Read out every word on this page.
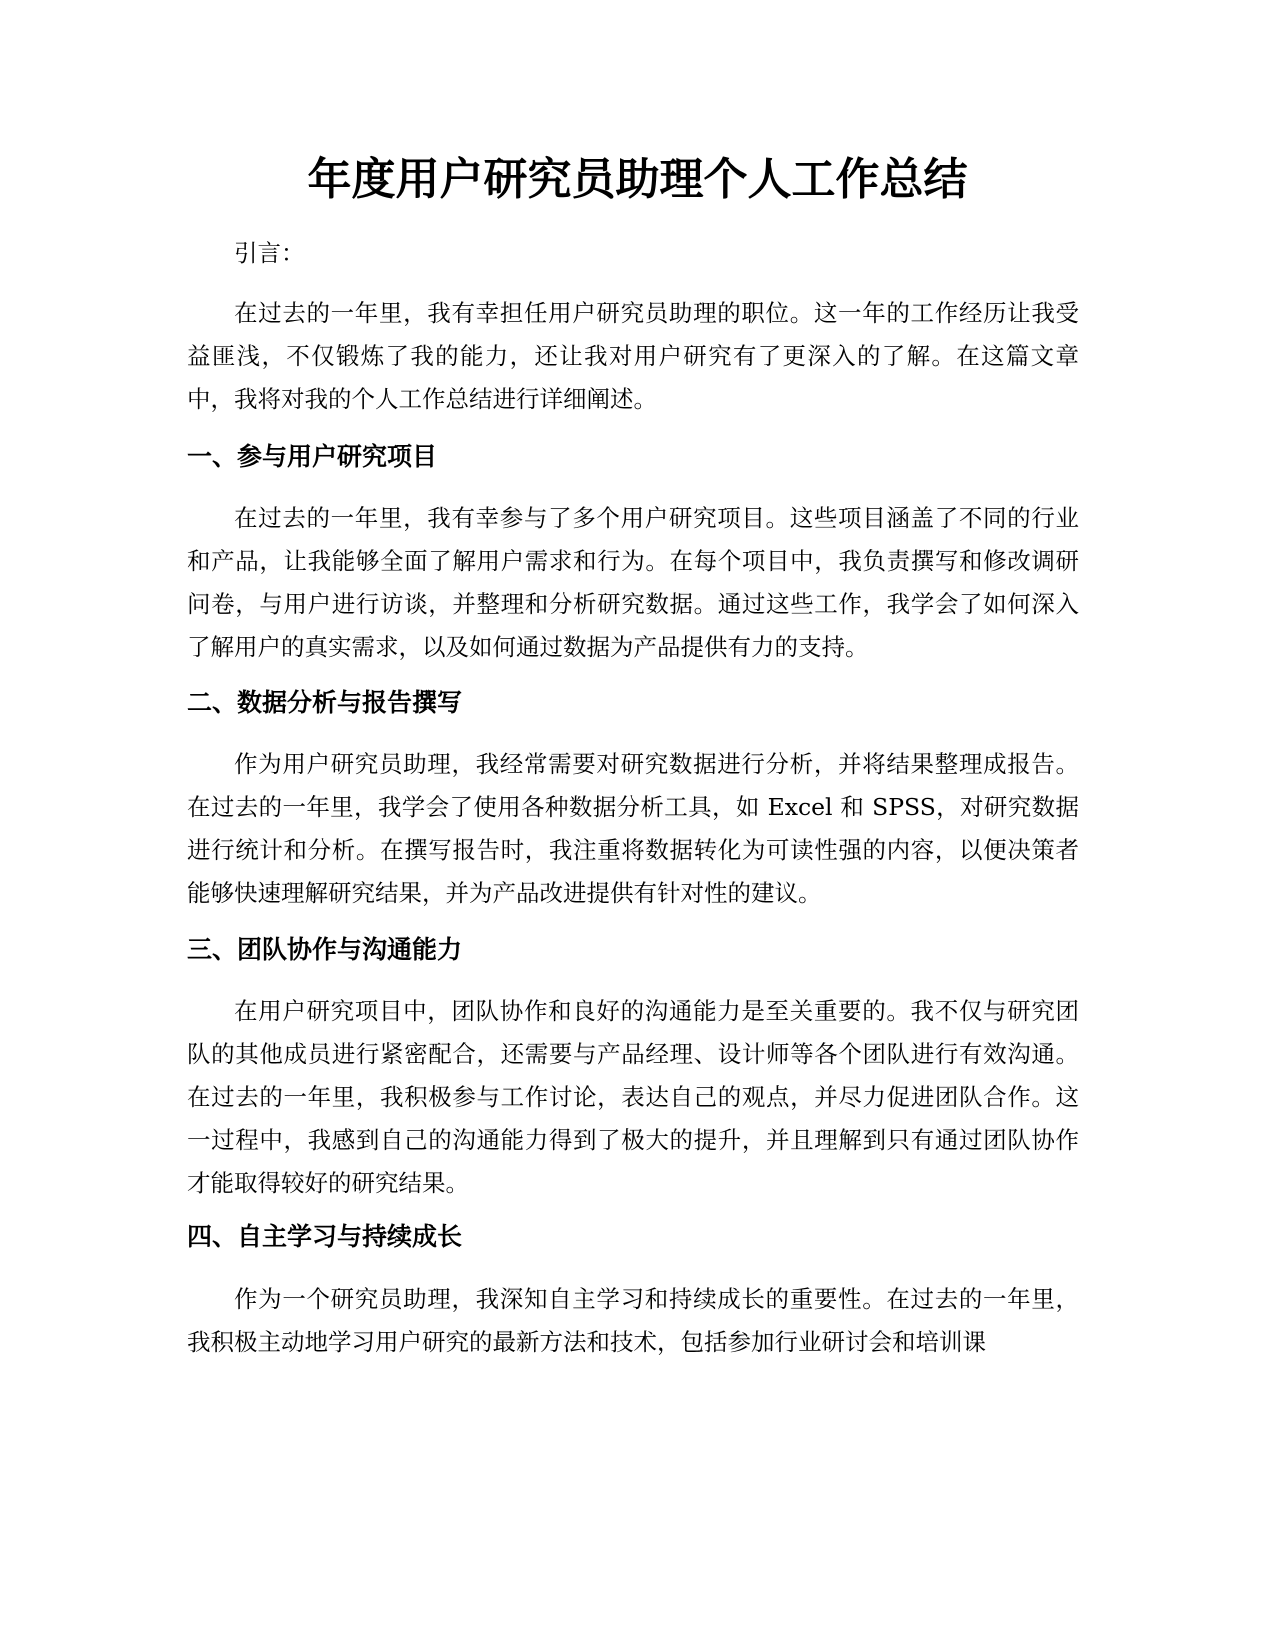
年度用户研究员助理个人工作总结

引言：

在过去的一年里，我有幸担任用户研究员助理的职位。这一年的工作经历让我受益匪浅，不仅锻炼了我的能力，还让我对用户研究有了更深入的了解。在这篇文章中，我将对我的个人工作总结进行详细阐述。

一、参与用户研究项目

在过去的一年里，我有幸参与了多个用户研究项目。这些项目涵盖了不同的行业和产品，让我能够全面了解用户需求和行为。在每个项目中，我负责撰写和修改调研问卷，与用户进行访谈，并整理和分析研究数据。通过这些工作，我学会了如何深入了解用户的真实需求，以及如何通过数据为产品提供有力的支持。

二、数据分析与报告撰写

作为用户研究员助理，我经常需要对研究数据进行分析，并将结果整理成报告。在过去的一年里，我学会了使用各种数据分析工具，如 Excel 和 SPSS，对研究数据进行统计和分析。在撰写报告时，我注重将数据转化为可读性强的内容，以便决策者能够快速理解研究结果，并为产品改进提供有针对性的建议。

三、团队协作与沟通能力

在用户研究项目中，团队协作和良好的沟通能力是至关重要的。我不仅与研究团队的其他成员进行紧密配合，还需要与产品经理、设计师等各个团队进行有效沟通。在过去的一年里，我积极参与工作讨论，表达自己的观点，并尽力促进团队合作。这一过程中，我感到自己的沟通能力得到了极大的提升，并且理解到只有通过团队协作才能取得较好的研究结果。

四、自主学习与持续成长

作为一个研究员助理，我深知自主学习和持续成长的重要性。在过去的一年里，我积极主动地学习用户研究的最新方法和技术，包括参加行业研讨会和培训课
